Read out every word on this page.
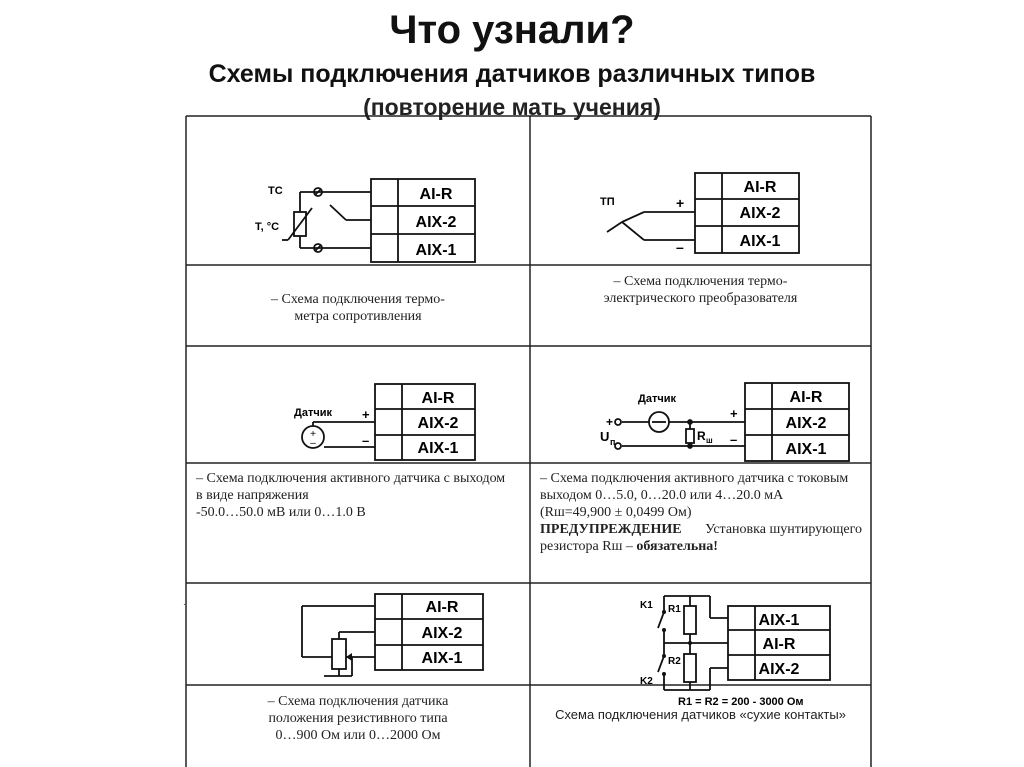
Что узнали?
Схемы подключения датчиков различных типов
(повторение мать учения)
AI-R
AIX-2
AIX-1
ТС
Т, °С
AI-R
AIX-2
AIX-1
ТП	+
–
+
–
AI-R
AIX-2
AIX-1
Датчик +
–
AI-R
AIX-2
AIX-1
Датчик
+
U п	R ш
+
–
AI-R
AIX-2
AIX-1
AIX-1
AI-R
AIX-2
K1
K2
R1
R2
R1 = R2 = 200 - 3000 Ом
– Схема подключения термо-
метра сопротивления
– Схема подключения термо-
электрического преобразователя
– Схема подключения активного датчика с выходом
в виде напряжения
-50.0…50.0 мВ или 0…1.0 В
– Схема подключения активного датчика с токовым
выходом 0…5.0, 0…20.0 или 4…20.0 мА
(Rш=49,900 ± 0,0499 Ом)
ПРЕДУПРЕЖДЕНИЕ Установка шунтирующего
резистора Rш – обязательна!
– Схема подключения датчика
положения резистивного типа
0…900 Ом или 0…2000 Ом
Схема подключения датчиков «сухие контакты»
.
